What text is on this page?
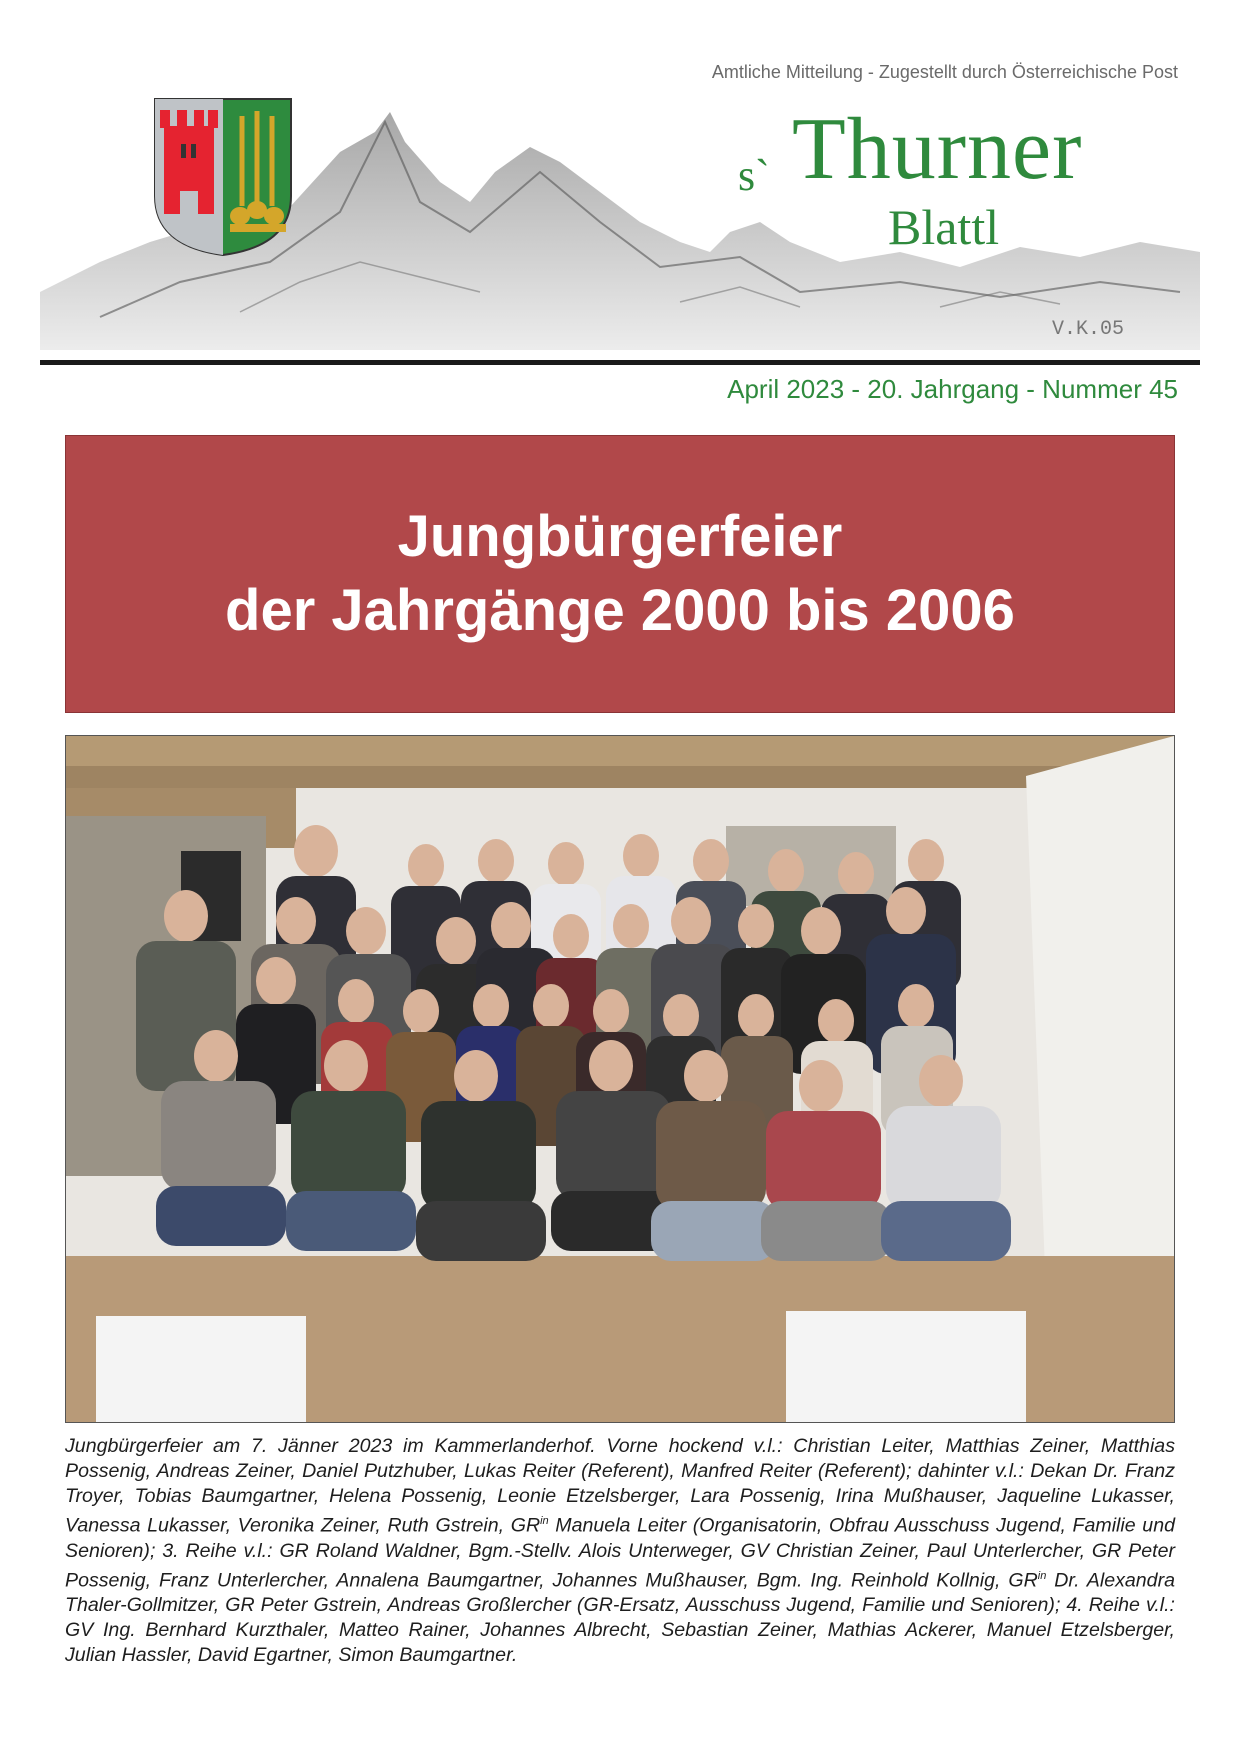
Amtliche Mitteilung - Zugestellt durch Österreichische Post
s` Thurner
Blattl
V.K.05
April 2023 - 20. Jahrgang - Nummer 45
Jungbürgerfeier
der Jahrgänge 2000 bis 2006
Jungbürgerfeier am 7. Jänner 2023 im Kammerlanderhof. Vorne hockend v.l.: Christian Leiter, Matthias Zeiner, Matthias Possenig, Andreas Zeiner, Daniel Putzhuber, Lukas Reiter (Referent), Manfred Reiter (Referent); dahinter v.l.: Dekan Dr. Franz Troyer, Tobias Baumgartner, Helena Possenig, Leonie Etzelsberger, Lara Possenig, Irina Mußhauser, Jaqueline Lukasser, Vanessa Lukasser, Veronika Zeiner, Ruth Gstrein, $GR^{in}$ Manuela Leiter (Organisatorin, Obfrau Ausschuss Jugend, Familie und Senioren); 3. Reihe v.l.: GR Roland Waldner, Bgm.-Stellv. Alois Unterweger, GV Christian Zeiner, Paul Unterlercher, GR Peter Possenig, Franz Unterlercher, Annalena Baumgartner, Johannes Mußhauser, Bgm. Ing. Reinhold Kollnig, $GR^{in}$ Dr. Alexandra Thaler-Gollmitzer, GR Peter Gstrein, Andreas Großlercher (GR-Ersatz, Ausschuss Jugend, Familie und Senioren); 4. Reihe v.l.: GV Ing. Bernhard Kurzthaler, Matteo Rainer, Johannes Albrecht, Sebastian Zeiner, Mathias Ackerer, Manuel Etzelsberger, Julian Hassler, David Egartner, Simon Baumgartner.
